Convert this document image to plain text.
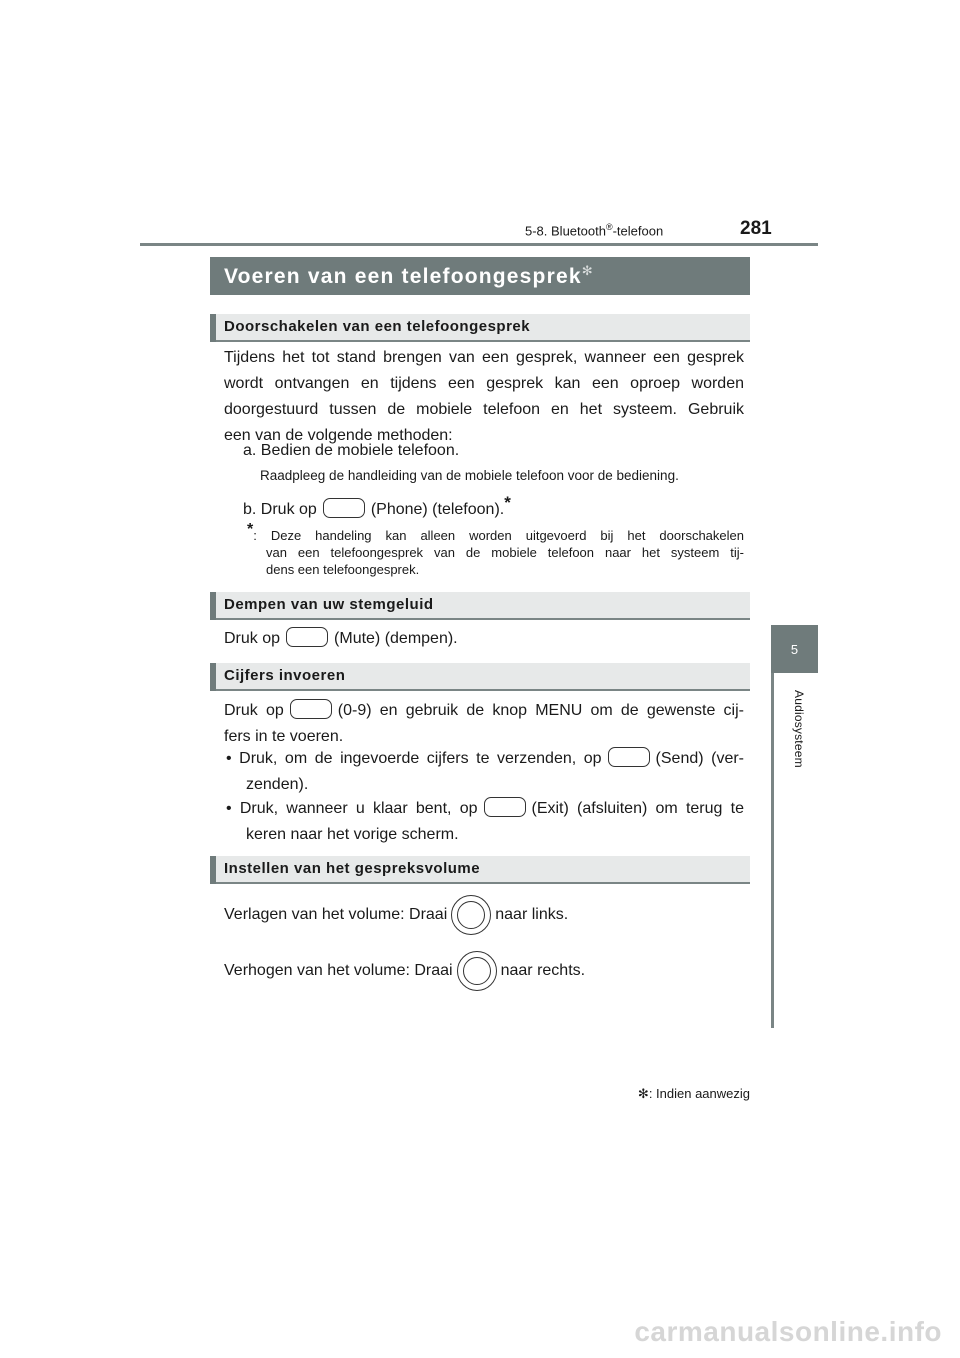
5-8. Bluetooth®-telefoon	281
5
Audiosysteem
Voeren van een telefoongesprek✻
Doorschakelen van een telefoongesprek
Tijdens het tot stand brengen van een gesprek, wanneer een gesprek
wordt ontvangen en tijdens een gesprek kan een oproep worden
doorgestuurd tussen de mobiele telefoon en het systeem. Gebruik
een van de volgende methoden:
a. Bedien de mobiele telefoon.
Raadpleeg de handleiding van de mobiele telefoon voor de bediening.
b. Druk op	(Phone) (telefoon).*
*: Deze handeling kan alleen worden uitgevoerd bij het doorschakelen
van een telefoongesprek van de mobiele telefoon naar het systeem tij-
dens een telefoongesprek.
Dempen van uw stemgeluid
Druk op	(Mute) (dempen).
Cijfers invoeren
Druk op	(0-9) en gebruik de knop MENU om de gewenste cij-
fers in te voeren.
• Druk, om de ingevoerde cijfers te verzenden, op	(Send) (ver-
zenden).
• Druk, wanneer u klaar bent, op	(Exit) (afsluiten) om terug te
keren naar het vorige scherm.
Instellen van het gespreksvolume
Verlagen van het volume: Draai	naar links.
Verhogen van het volume: Draai	naar rechts.
✻: Indien aanwezig
carmanualsonline.info
